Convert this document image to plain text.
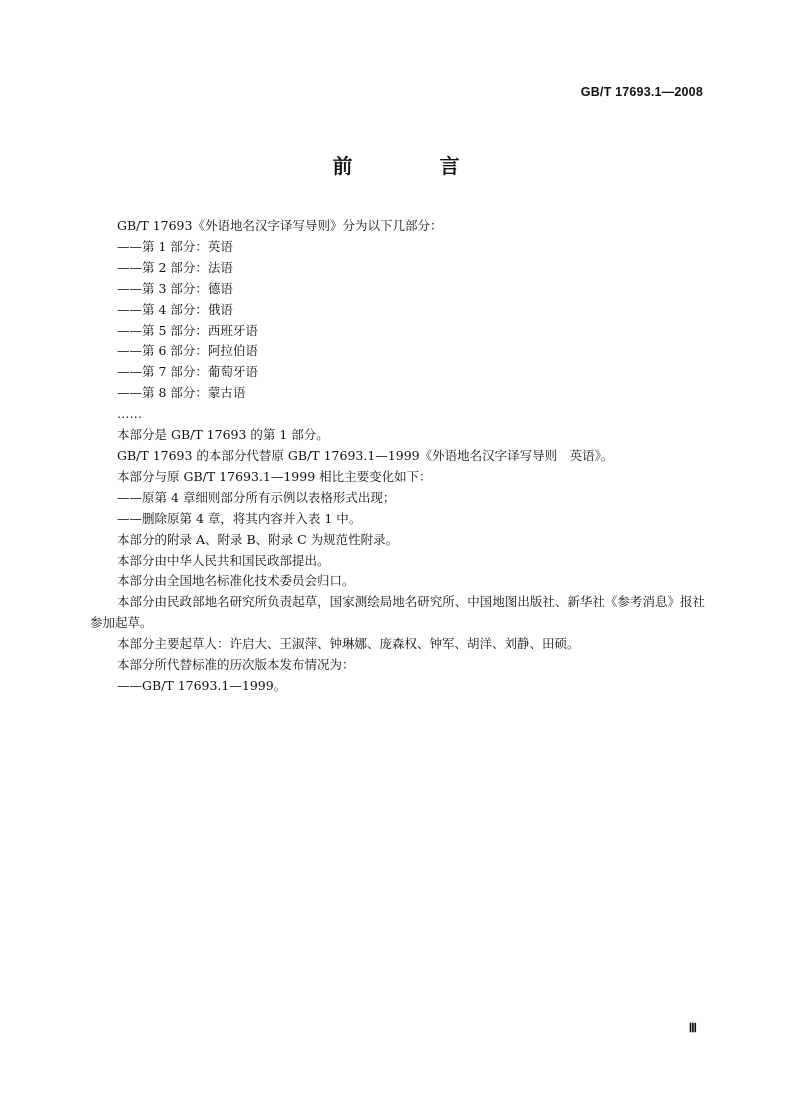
GB/T 17693.1—2008
前 言

GB/T 17693《外语地名汉字译写导则》分为以下几部分：

——第 1 部分：英语

——第 2 部分：法语

——第 3 部分：德语

——第 4 部分：俄语

——第 5 部分：西班牙语

——第 6 部分：阿拉伯语

——第 7 部分：葡萄牙语

——第 8 部分：蒙古语

……

本部分是 GB/T 17693 的第 1 部分。

GB/T 17693 的本部分代替原 GB/T 17693.1—1999《外语地名汉字译写导则　英语》。

本部分与原 GB/T 17693.1—1999 相比主要变化如下：

——原第 4 章细则部分所有示例以表格形式出现；

——删除原第 4 章，将其内容并入表 1 中。

本部分的附录 A、附录 B、附录 C 为规范性附录。

本部分由中华人民共和国民政部提出。

本部分由全国地名标准化技术委员会归口。

本部分由民政部地名研究所负责起草，国家测绘局地名研究所、中国地图出版社、新华社《参考消息》报社参加起草。

本部分主要起草人：许启大、王淑萍、钟琳娜、庞森权、钟军、胡洋、刘静、田硕。

本部分所代替标准的历次版本发布情况为：

——GB/T 17693.1—1999。

Ⅲ
